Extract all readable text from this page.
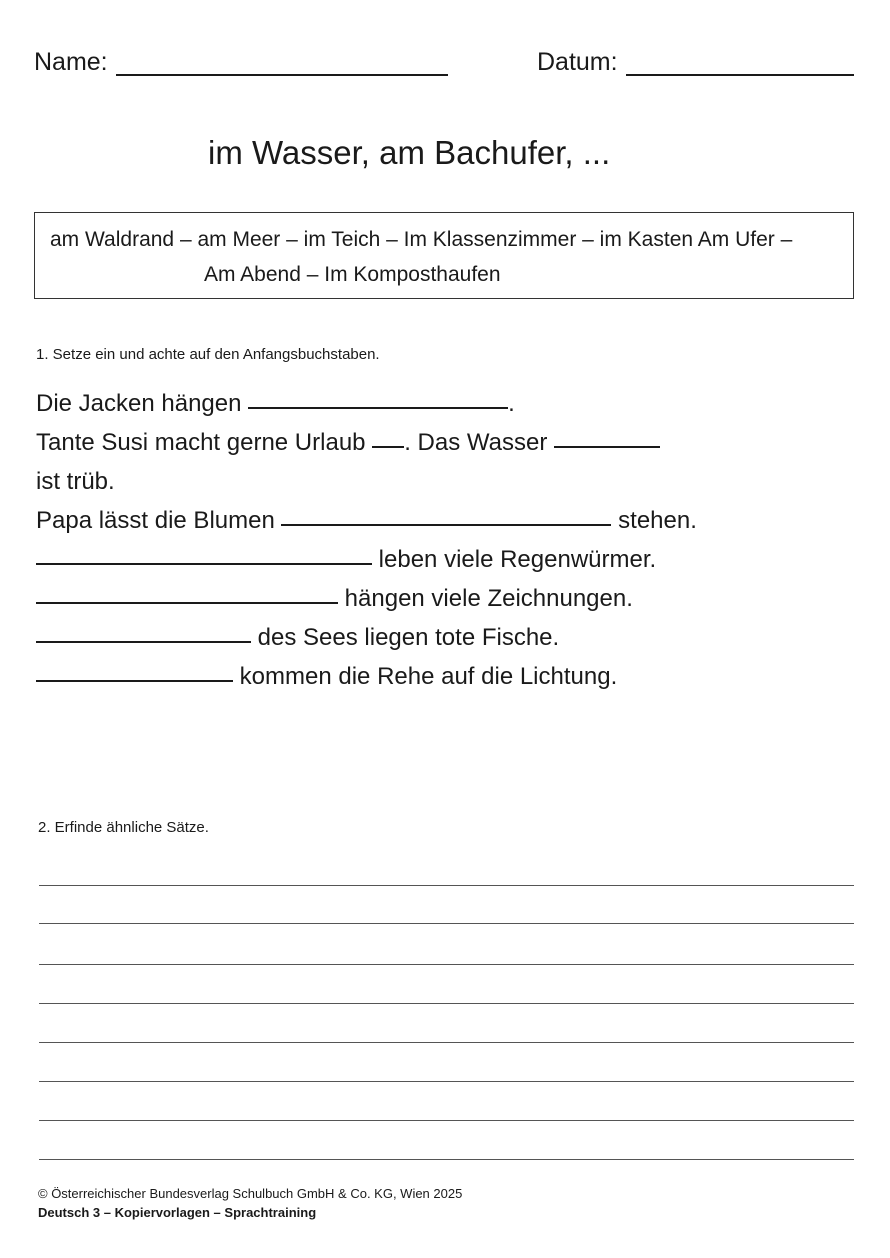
Name:	Datum:
im Wasser, am Bachufer, ...
am Waldrand – am Meer – im Teich – Im Klassenzimmer – im Kasten Am Ufer –
Am Abend – Im Komposthaufen
1. Setze ein und achte auf den Anfangsbuchstaben.
Die Jacken hängen	.
Tante Susi macht gerne Urlaub . Das Wasser
ist trüb.
Papa lässt die Blumen	stehen.
leben viele Regenwürmer.
hängen viele Zeichnungen.
des Sees liegen tote Fische.
kommen die Rehe auf die Lichtung.
2. Erfinde ähnliche Sätze.
© Österreichischer Bundesverlag Schulbuch GmbH & Co. KG, Wien 2025
Deutsch 3 – Kopiervorlagen – Sprachtraining
